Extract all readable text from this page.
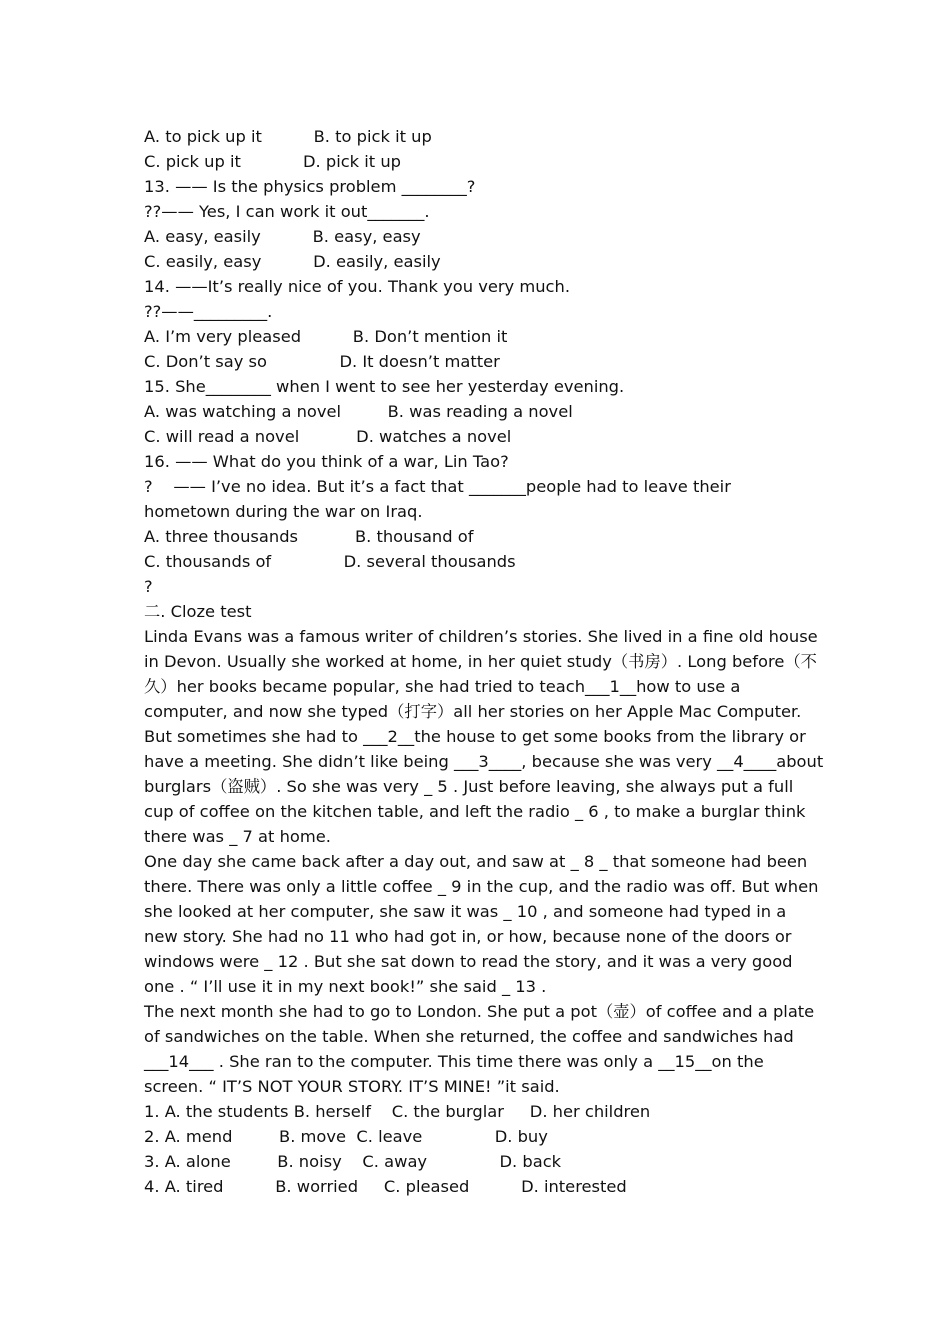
A. to pick up it          B. to pick it up
C. pick up it            D. pick it up
13. —— Is the physics problem ________?
??—— Yes, I can work it out_______.
A. easy, easily          B. easy, easy
C. easily, easy          D. easily, easily
14. ——It’s really nice of you. Thank you very much.
??——_________.
A. I’m very pleased          B. Don’t mention it
C. Don’t say so              D. It doesn’t matter
15. She________ when I went to see her yesterday evening.
A. was watching a novel         B. was reading a novel
C. will read a novel           D. watches a novel
16. —— What do you think of a war, Lin Tao?
?    —— I’ve no idea. But it’s a fact that _______people had to leave their
hometown during the war on Iraq.
A. three thousands           B. thousand of
C. thousands of              D. several thousands
?
二. Cloze test
Linda Evans was a famous writer of children’s stories. She lived in a fine old house in Devon. Usually she worked at home, in her quiet study（书房）. Long before（不久）her books became popular, she had tried to teach___1__how to use a computer, and now she typed（打字）all her stories on her Apple Mac Computer. But sometimes she had to ___2__the house to get some books from the library or have a meeting. She didn’t like being ___3____, because she was very __4____about burglars（盗贼）. So she was very _ 5 . Just before leaving, she always put a full cup of coffee on the kitchen table, and left the radio _ 6 , to make a burglar think there was _ 7 at home.
One day she came back after a day out, and saw at _ 8 _ that someone had been there. There was only a little coffee _ 9 in the cup, and the radio was off. But when she looked at her computer, she saw it was _ 10 , and someone had typed in a new story. She had no 11 who had got in, or how, because none of the doors or windows were _ 12 . But she sat down to read the story, and it was a very good one . “ I’ll use it in my next book!” she said _ 13 .
The next month she had to go to London. She put a pot（壶）of coffee and a plate of sandwiches on the table. When she returned, the coffee and sandwiches had ___14___ . She ran to the computer. This time there was only a __15__on the screen. “ IT’S NOT YOUR STORY. IT’S MINE! ”it said.
1. A. the students B. herself    C. the burglar     D. her children
2. A. mend         B. move  C. leave              D. buy
3. A. alone         B. noisy    C. away              D. back
4. A. tired          B. worried     C. pleased          D. interested
